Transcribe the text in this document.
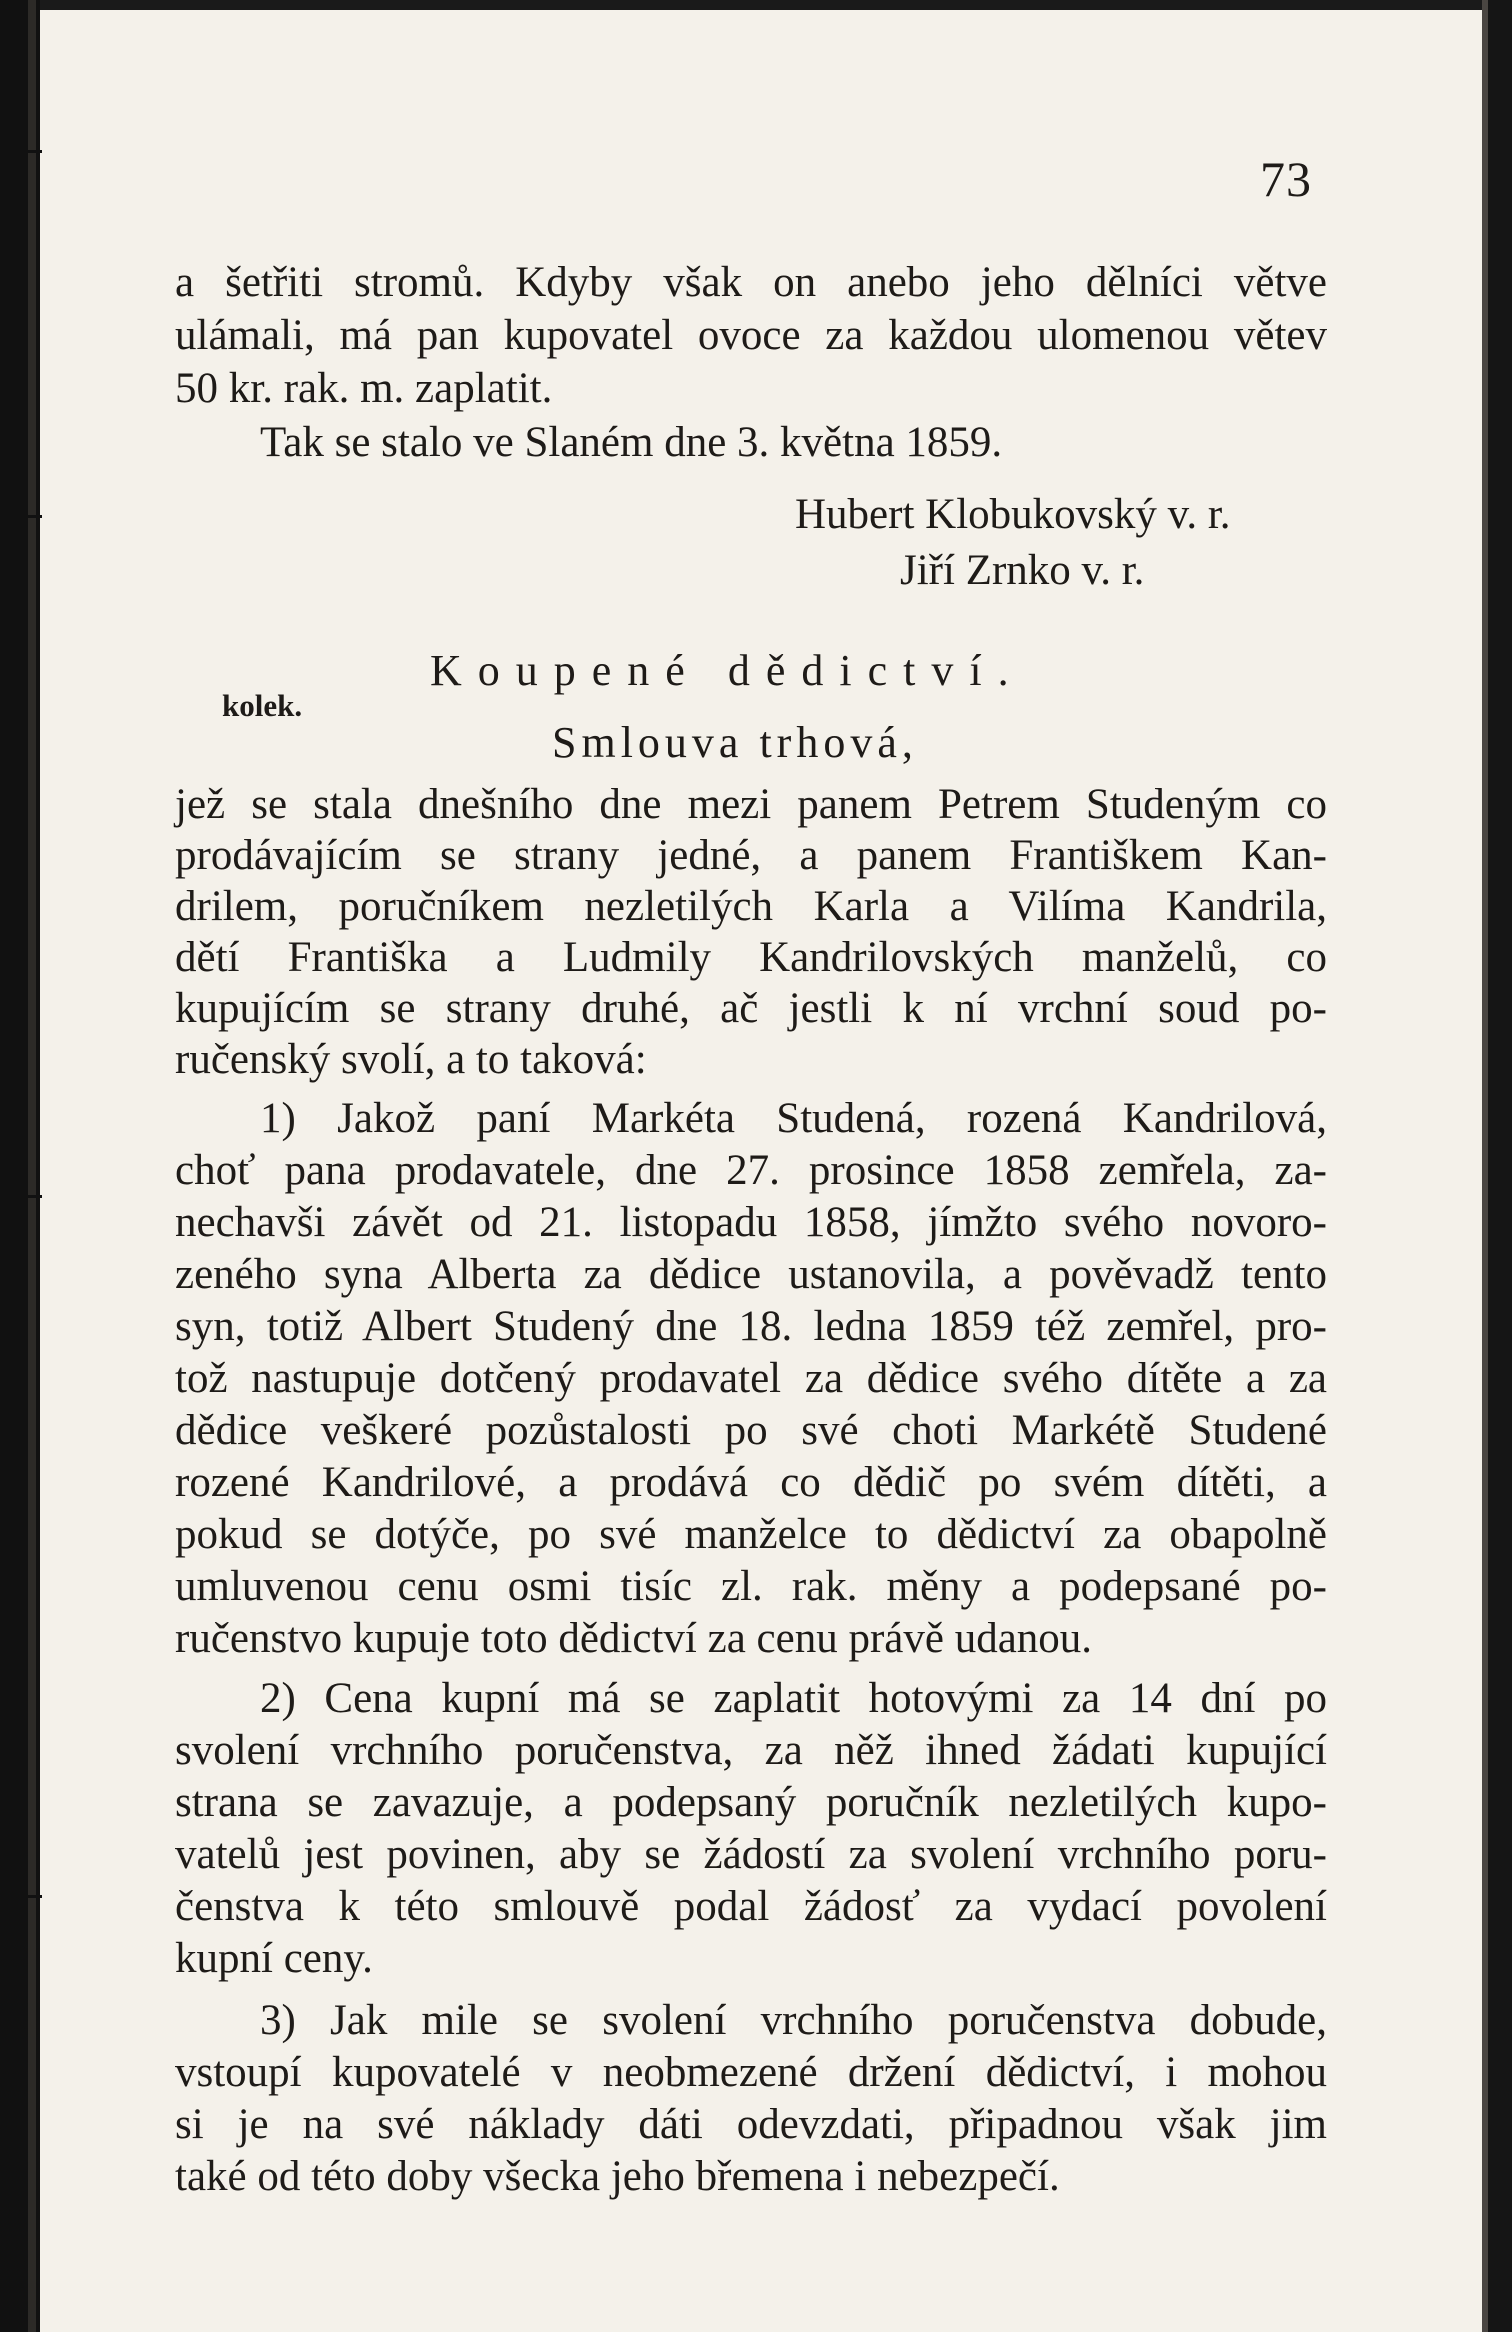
73
a šetřiti stromů. Kdyby však on anebo jeho dělníci větve
ulámali, má pan kupovatel ovoce za každou ulomenou větev
50 kr. rak. m. zaplatit.
Tak se stalo ve Slaném dne 3. května 1859.
Hubert Klobukovský v. r.
Jiří Zrnko v. r.
Koupené dědictví.
kolek.
Smlouva trhová,
jež se stala dnešního dne mezi panem Petrem Studeným co
prodávajícím se strany jedné, a panem Františkem Kan-
drilem, poručníkem nezletilých Karla a Vilíma Kandrila,
dětí Františka a Ludmily Kandrilovských manželů, co
kupujícím se strany druhé, ač jestli k ní vrchní soud po-
ručenský svolí, a to taková:
1) Jakož paní Markéta Studená, rozená Kandrilová,
choť pana prodavatele, dne 27. prosince 1858 zemřela, za-
nechavši závět od 21. listopadu 1858, jímžto svého novoro-
zeného syna Alberta za dědice ustanovila, a pověvadž tento
syn, totiž Albert Studený dne 18. ledna 1859 též zemřel, pro-
tož nastupuje dotčený prodavatel za dědice svého dítěte a za
dědice veškeré pozůstalosti po své choti Markétě Studené
rozené Kandrilové, a prodává co dědič po svém dítěti, a
pokud se dotýče, po své manželce to dědictví za obapolně
umluvenou cenu osmi tisíc zl. rak. měny a podepsané po-
ručenstvo kupuje toto dědictví za cenu právě udanou.
2) Cena kupní má se zaplatit hotovými za 14 dní po
svolení vrchního poručenstva, za něž ihned žádati kupující
strana se zavazuje, a podepsaný poručník nezletilých kupo-
vatelů jest povinen, aby se žádostí za svolení vrchního poru-
čenstva k této smlouvě podal žádosť za vydací povolení
kupní ceny.
3) Jak mile se svolení vrchního poručenstva dobude,
vstoupí kupovatelé v neobmezené držení dědictví, i mohou
si je na své náklady dáti odevzdati, připadnou však jim
také od této doby všecka jeho břemena i nebezpečí.
